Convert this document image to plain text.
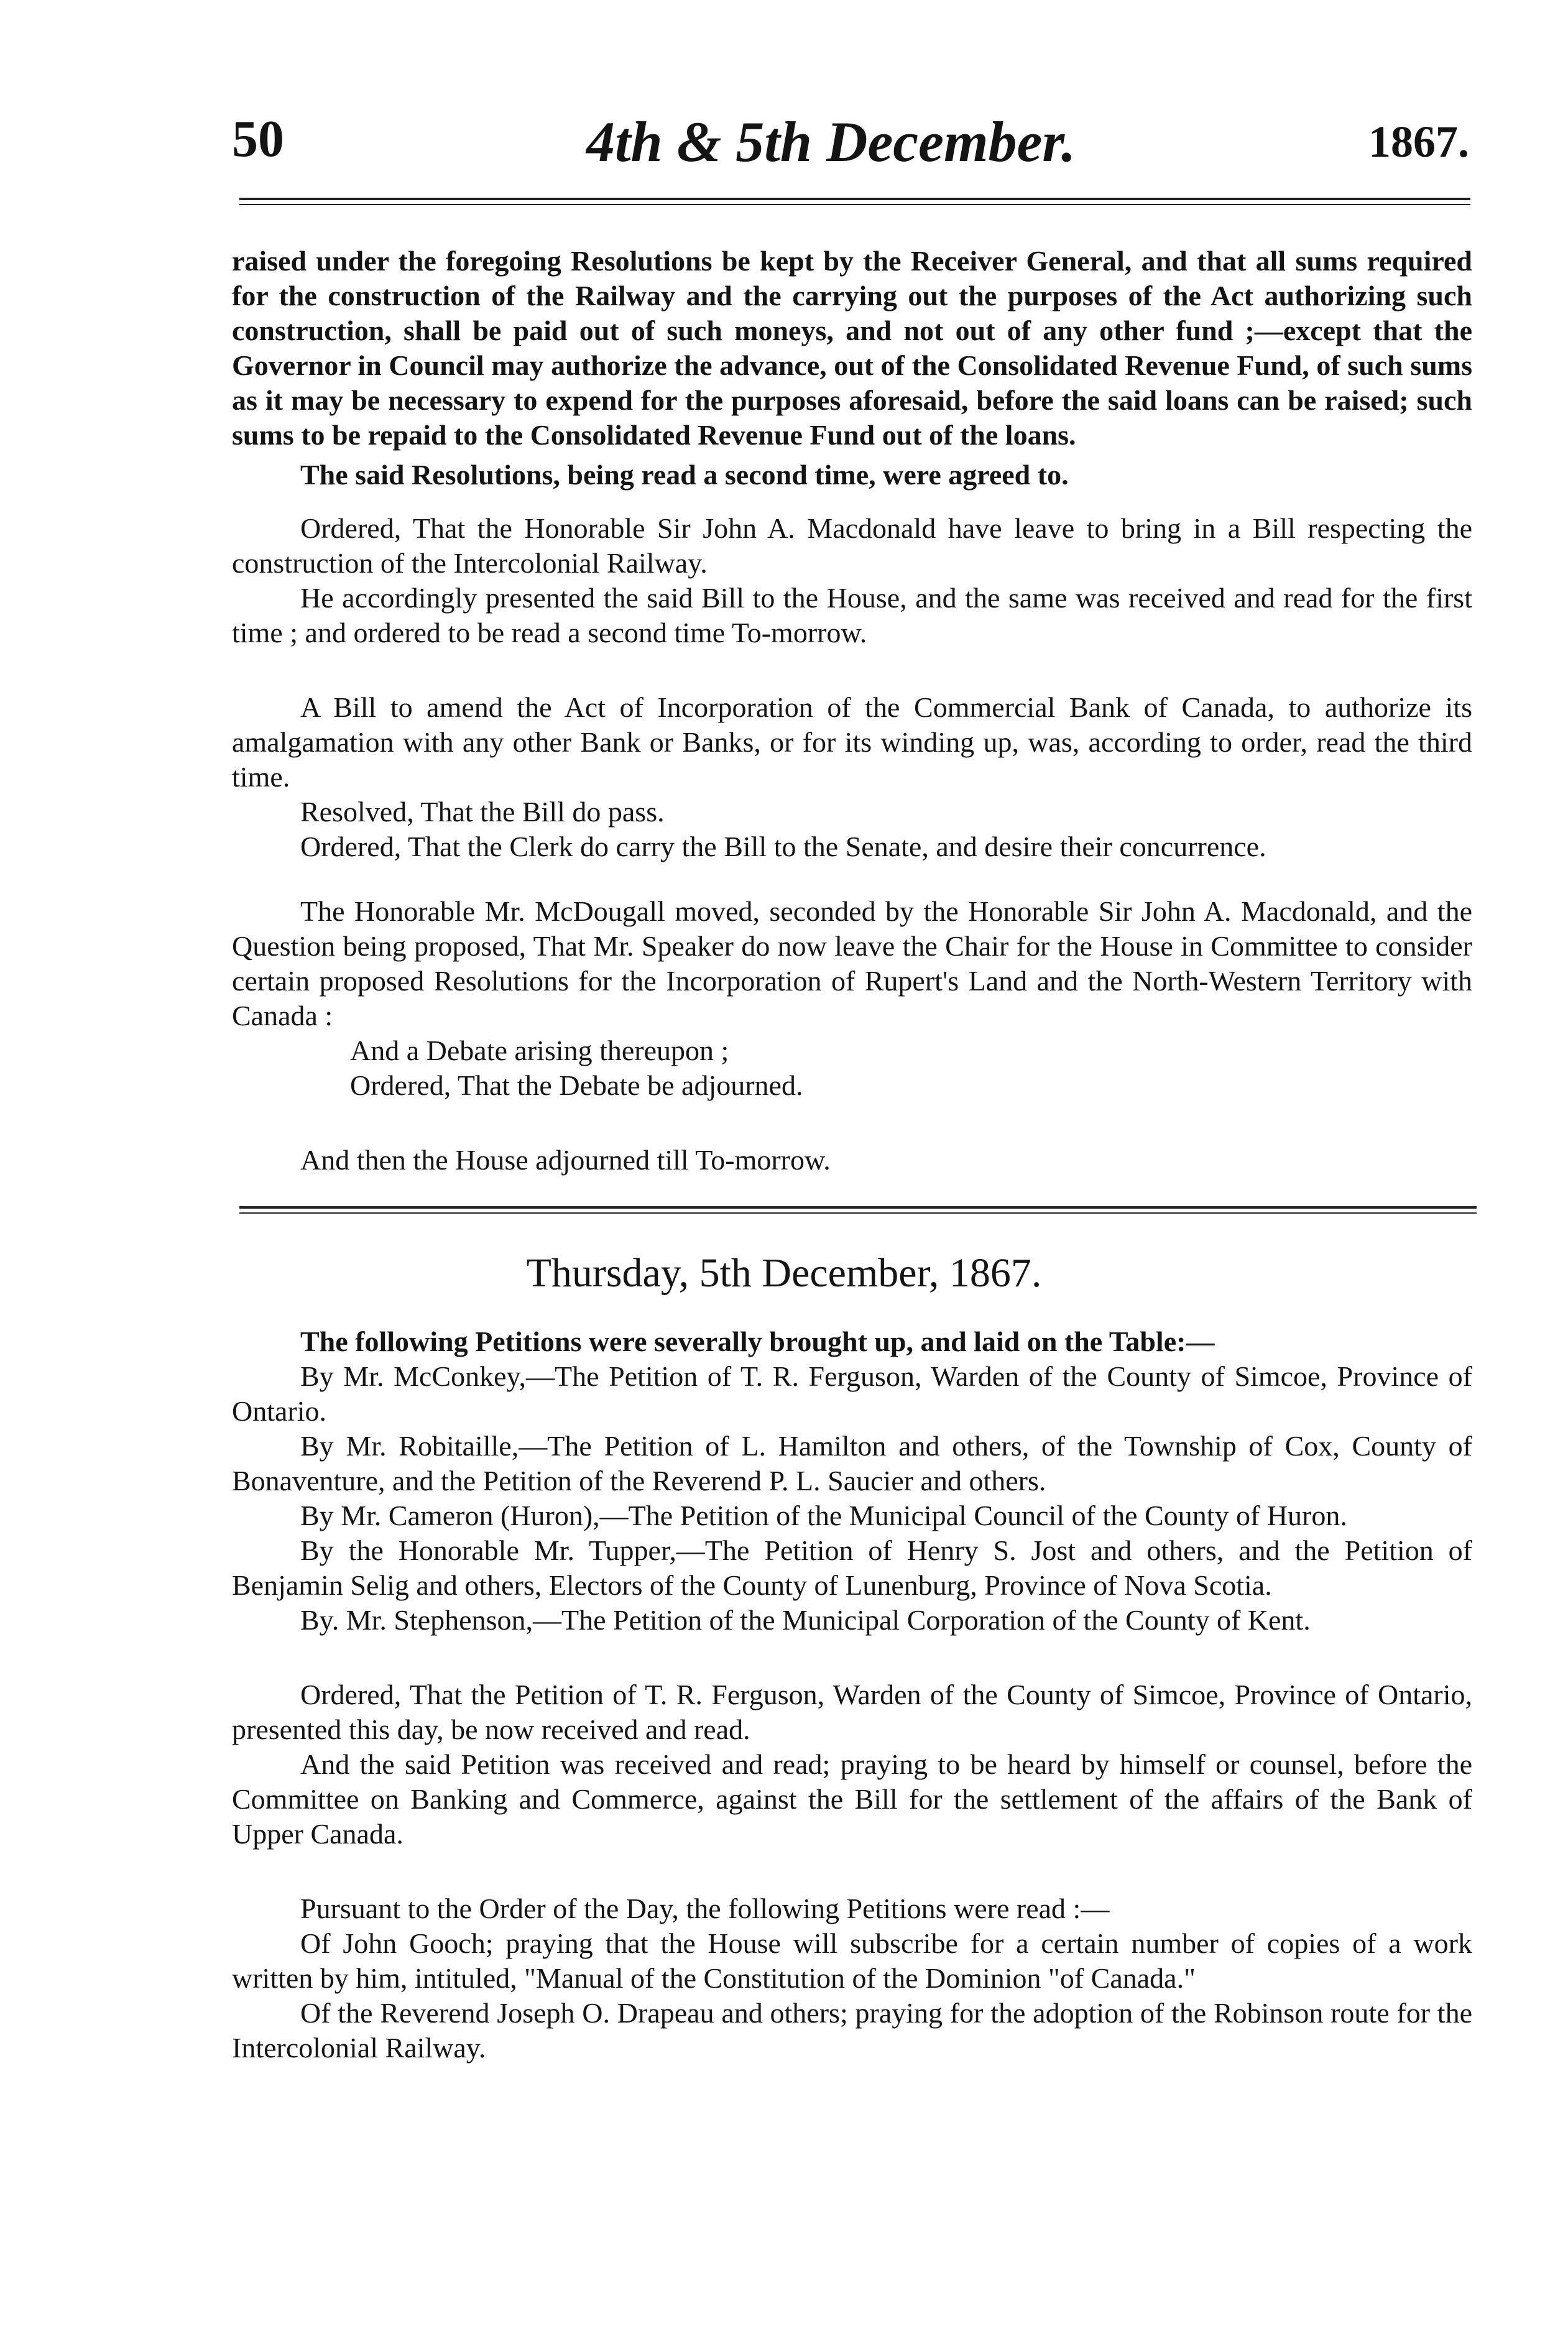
50	4th & 5th December.	1867.

raised under the foregoing Resolutions be kept by the Receiver General, and that all sums required for the construction of the Railway and the carrying out the purposes of the Act authorizing such construction, shall be paid out of such moneys, and not out of any other fund ;—except that the Governor in Council may authorize the advance, out of the Consolidated Revenue Fund, of such sums as it may be necessary to expend for the purposes aforesaid, before the said loans can be raised; such sums to be repaid to the Consolidated Revenue Fund out of the loans.

The said Resolutions, being read a second time, were agreed to.

Ordered, That the Honorable Sir John A. Macdonald have leave to bring in a Bill respecting the construction of the Intercolonial Railway.

He accordingly presented the said Bill to the House, and the same was received and read for the first time ; and ordered to be read a second time To-morrow.

A Bill to amend the Act of Incorporation of the Commercial Bank of Canada, to authorize its amalgamation with any other Bank or Banks, or for its winding up, was, according to order, read the third time.

Resolved, That the Bill do pass.

Ordered, That the Clerk do carry the Bill to the Senate, and desire their concurrence.

The Honorable Mr. McDougall moved, seconded by the Honorable Sir John A. Macdonald, and the Question being proposed, That Mr. Speaker do now leave the Chair for the House in Committee to consider certain proposed Resolutions for the Incorporation of Rupert's Land and the North-Western Territory with Canada :

And a Debate arising thereupon ;

Ordered, That the Debate be adjourned.

And then the House adjourned till To-morrow.

Thursday, 5th December, 1867.

The following Petitions were severally brought up, and laid on the Table:—

By Mr. McConkey,—The Petition of T. R. Ferguson, Warden of the County of Simcoe, Province of Ontario.

By Mr. Robitaille,—The Petition of L. Hamilton and others, of the Township of Cox, County of Bonaventure, and the Petition of the Reverend P. L. Saucier and others.

By Mr. Cameron (Huron),—The Petition of the Municipal Council of the County of Huron.

By the Honorable Mr. Tupper,—The Petition of Henry S. Jost and others, and the Petition of Benjamin Selig and others, Electors of the County of Lunenburg, Province of Nova Scotia.

By. Mr. Stephenson,—The Petition of the Municipal Corporation of the County of Kent.

Ordered, That the Petition of T. R. Ferguson, Warden of the County of Simcoe, Province of Ontario, presented this day, be now received and read.

And the said Petition was received and read; praying to be heard by himself or counsel, before the Committee on Banking and Commerce, against the Bill for the settlement of the affairs of the Bank of Upper Canada.

Pursuant to the Order of the Day, the following Petitions were read :—

Of John Gooch; praying that the House will subscribe for a certain number of copies of a work written by him, intituled, "Manual of the Constitution of the Dominion "of Canada."

Of the Reverend Joseph O. Drapeau and others; praying for the adoption of the Robinson route for the Intercolonial Railway.
